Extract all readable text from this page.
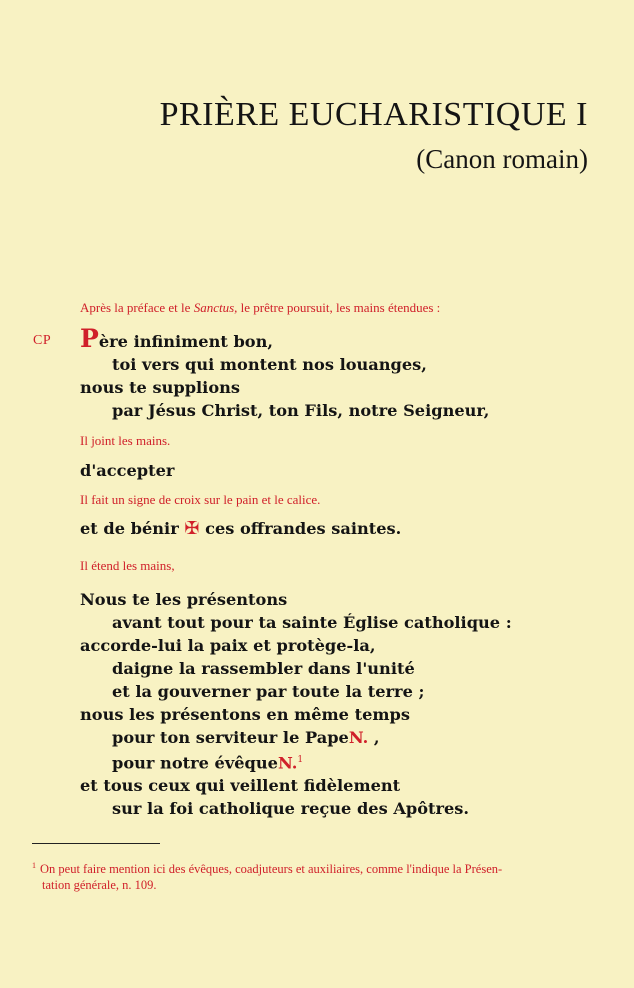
PRIÈRE EUCHARISTIQUE I
(Canon romain)

Après la préface et le Sanctus, le prêtre poursuit, les mains étendues :

CP Père infiniment bon,

toi vers qui montent nos louanges,

nous te supplions

par Jésus Christ, ton Fils, notre Seigneur,

Il joint les mains.

d'accepter

Il fait un signe de croix sur le pain et le calice.

et de bénir ✠ ces offrandes saintes.

Il étend les mains,

Nous te les présentons

avant tout pour ta sainte Église catholique :

accorde-lui la paix et protège-la,

daigne la rassembler dans l'unité

et la gouverner par toute la terre ;

nous les présentons en même temps

pour ton serviteur le PapeN. ,

pour notre évêqueN.$^1$

et tous ceux qui veillent fidèlement

sur la foi catholique reçue des Apôtres.

$^1$ On peut faire mention ici des évêques, coadjuteurs et auxiliaires, comme l'indique la Présen-
tation générale, n. 109.
